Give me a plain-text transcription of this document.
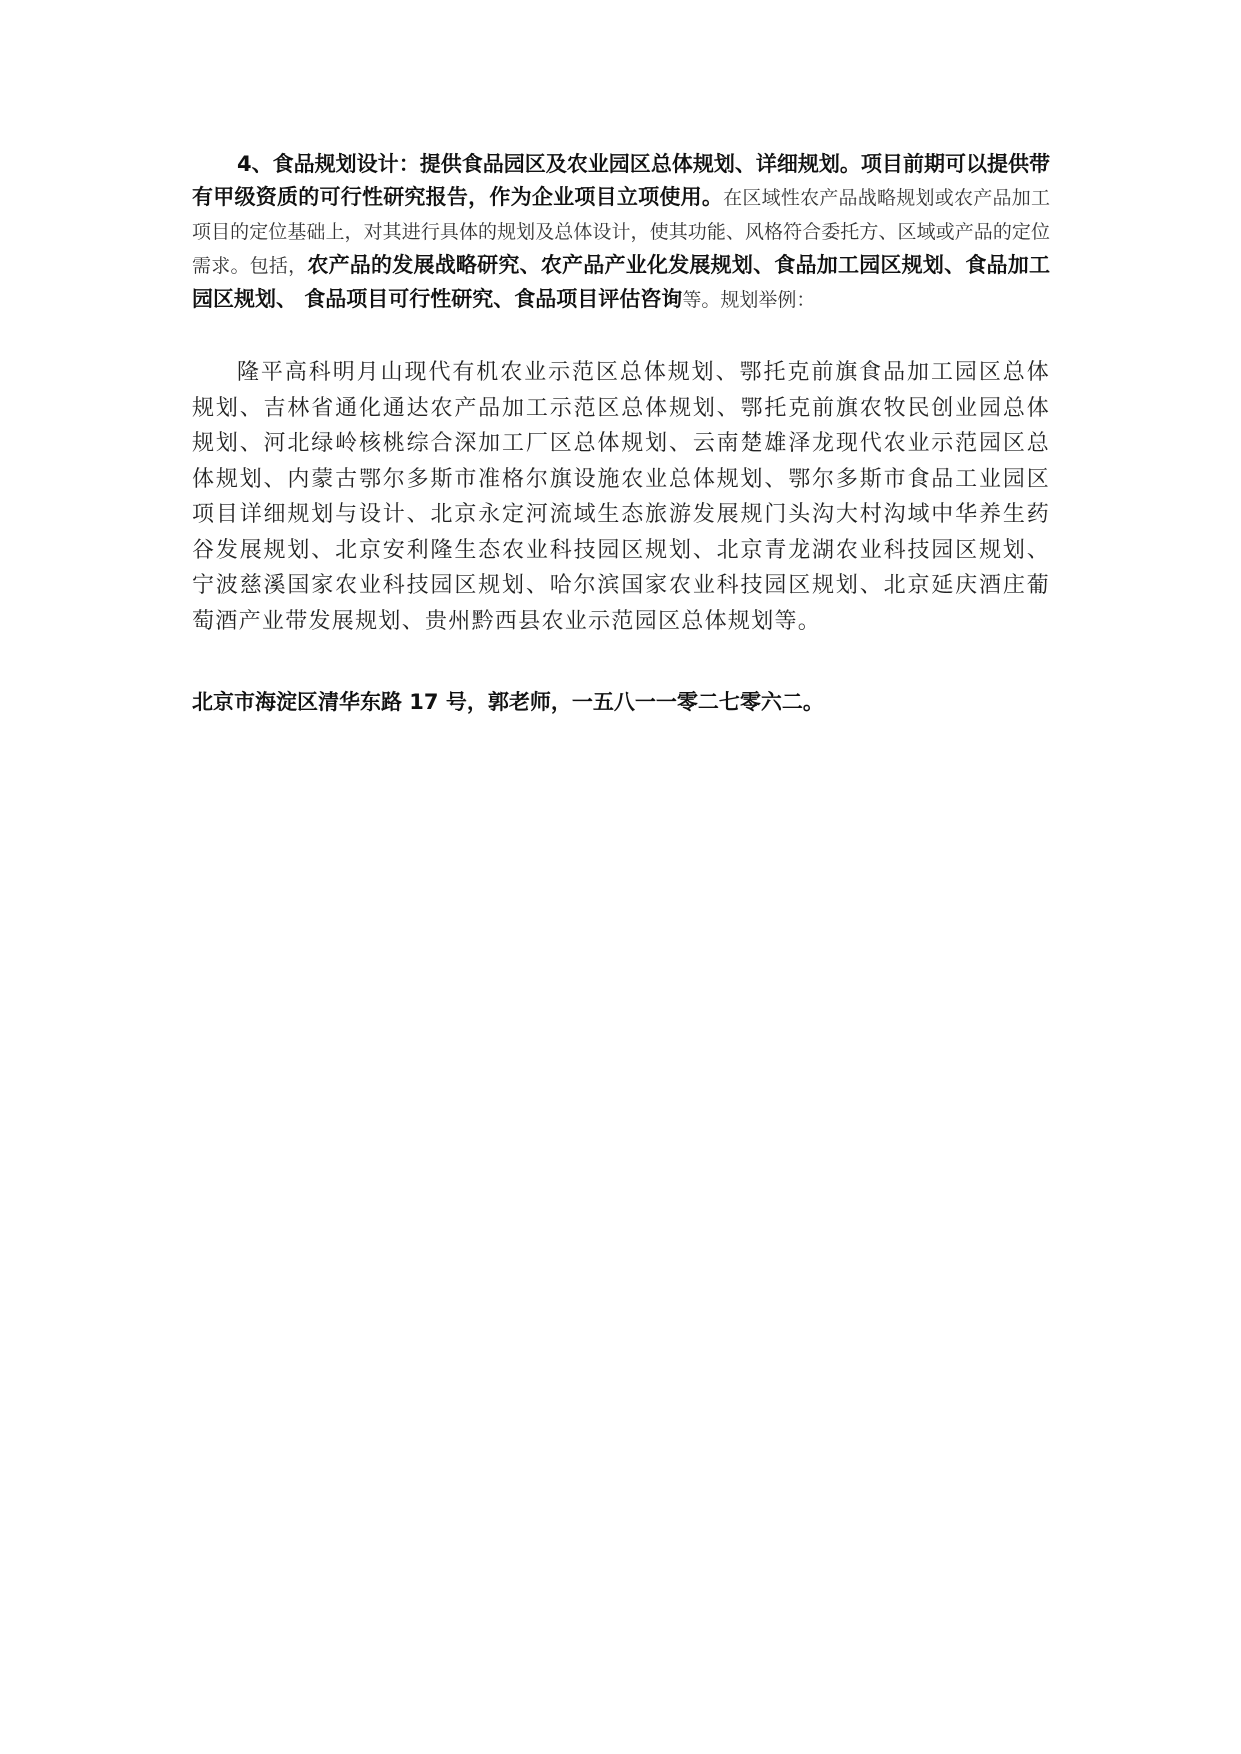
4、食品规划设计：提供食品园区及农业园区总体规划、详细规划。项目前期可以提供带有甲级资质的可行性研究报告，作为企业项目立项使用。在区域性农产品战略规划或农产品加工项目的定位基础上，对其进行具体的规划及总体设计，使其功能、风格符合委托方、区域或产品的定位需求。包括，农产品的发展战略研究、农产品产业化发展规划、食品加工园区规划、食品加工园区规划、 食品项目可行性研究、食品项目评估咨询等。规划举例：

隆平高科明月山现代有机农业示范区总体规划、鄂托克前旗食品加工园区总体规划、吉林省通化通达农产品加工示范区总体规划、鄂托克前旗农牧民创业园总体规划、河北绿岭核桃综合深加工厂区总体规划、云南楚雄泽龙现代农业示范园区总体规划、内蒙古鄂尔多斯市准格尔旗设施农业总体规划、鄂尔多斯市食品工业园区项目详细规划与设计、北京永定河流域生态旅游发展规门头沟大村沟域中华养生药谷发展规划、北京安利隆生态农业科技园区规划、北京青龙湖农业科技园区规划、宁波慈溪国家农业科技园区规划、哈尔滨国家农业科技园区规划、北京延庆酒庄葡萄酒产业带发展规划、贵州黔西县农业示范园区总体规划等。

北京市海淀区清华东路 17 号，郭老师，一五八一一零二七零六二。
